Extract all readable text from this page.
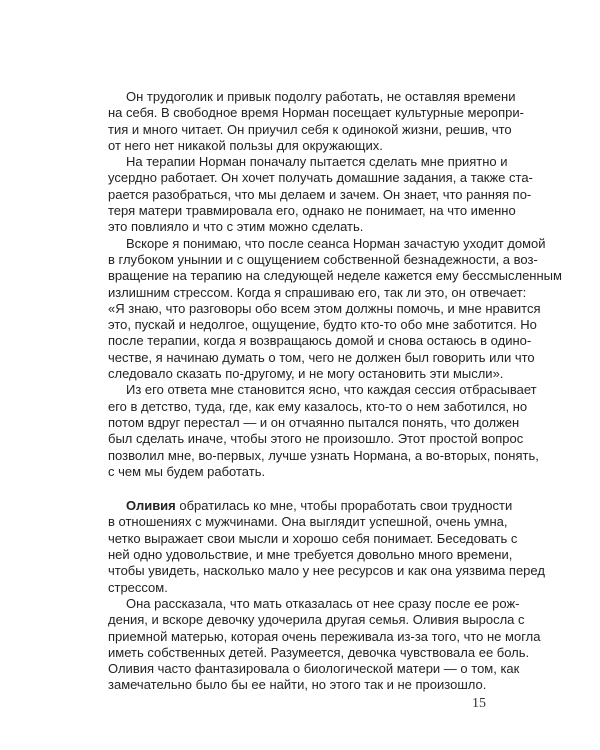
Он трудоголик и привык подолгу работать, не оставляя времени
на себя. В свободное время Норман посещает культурные меропри-
тия и много читает. Он приучил себя к одинокой жизни, решив, что
от него нет никакой пользы для окружающих.
На терапии Норман поначалу пытается сделать мне приятно и
усердно работает. Он хочет получать домашние задания, а также ста-
рается разобраться, что мы делаем и зачем. Он знает, что ранняя по-
теря матери травмировала его, однако не понимает, на что именно
это повлияло и что с этим можно сделать.
Вскоре я понимаю, что после сеанса Норман зачастую уходит домой
в глубоком унынии и с ощущением собственной безнадежности, а воз-
вращение на терапию на следующей неделе кажется ему бессмысленным
излишним стрессом. Когда я спрашиваю его, так ли это, он отвечает:
«Я знаю, что разговоры обо всем этом должны помочь, и мне нравится
это, пускай и недолгое, ощущение, будто кто-то обо мне заботится. Но
после терапии, когда я возвращаюсь домой и снова остаюсь в одино-
честве, я начинаю думать о том, чего не должен был говорить или что
следовало сказать по-другому, и не могу остановить эти мысли».
Из его ответа мне становится ясно, что каждая сессия отбрасывает
его в детство, туда, где, как ему казалось, кто-то о нем заботился, но
потом вдруг перестал — и он отчаянно пытался понять, что должен
был сделать иначе, чтобы этого не произошло. Этот простой вопрос
позволил мне, во-первых, лучше узнать Нормана, а во-вторых, понять,
с чем мы будем работать.
Оливия обратилась ко мне, чтобы проработать свои трудности
в отношениях с мужчинами. Она выглядит успешной, очень умна,
четко выражает свои мысли и хорошо себя понимает. Беседовать с
ней одно удовольствие, и мне требуется довольно много времени,
чтобы увидеть, насколько мало у нее ресурсов и как она уязвима перед
стрессом.
Она рассказала, что мать отказалась от нее сразу после ее рож-
дения, и вскоре девочку удочерила другая семья. Оливия выросла с
приемной матерью, которая очень переживала из-за того, что не могла
иметь собственных детей. Разумеется, девочка чувствовала ее боль.
Оливия часто фантазировала о биологической матери — о том, как
замечательно было бы ее найти, но этого так и не произошло.
15
